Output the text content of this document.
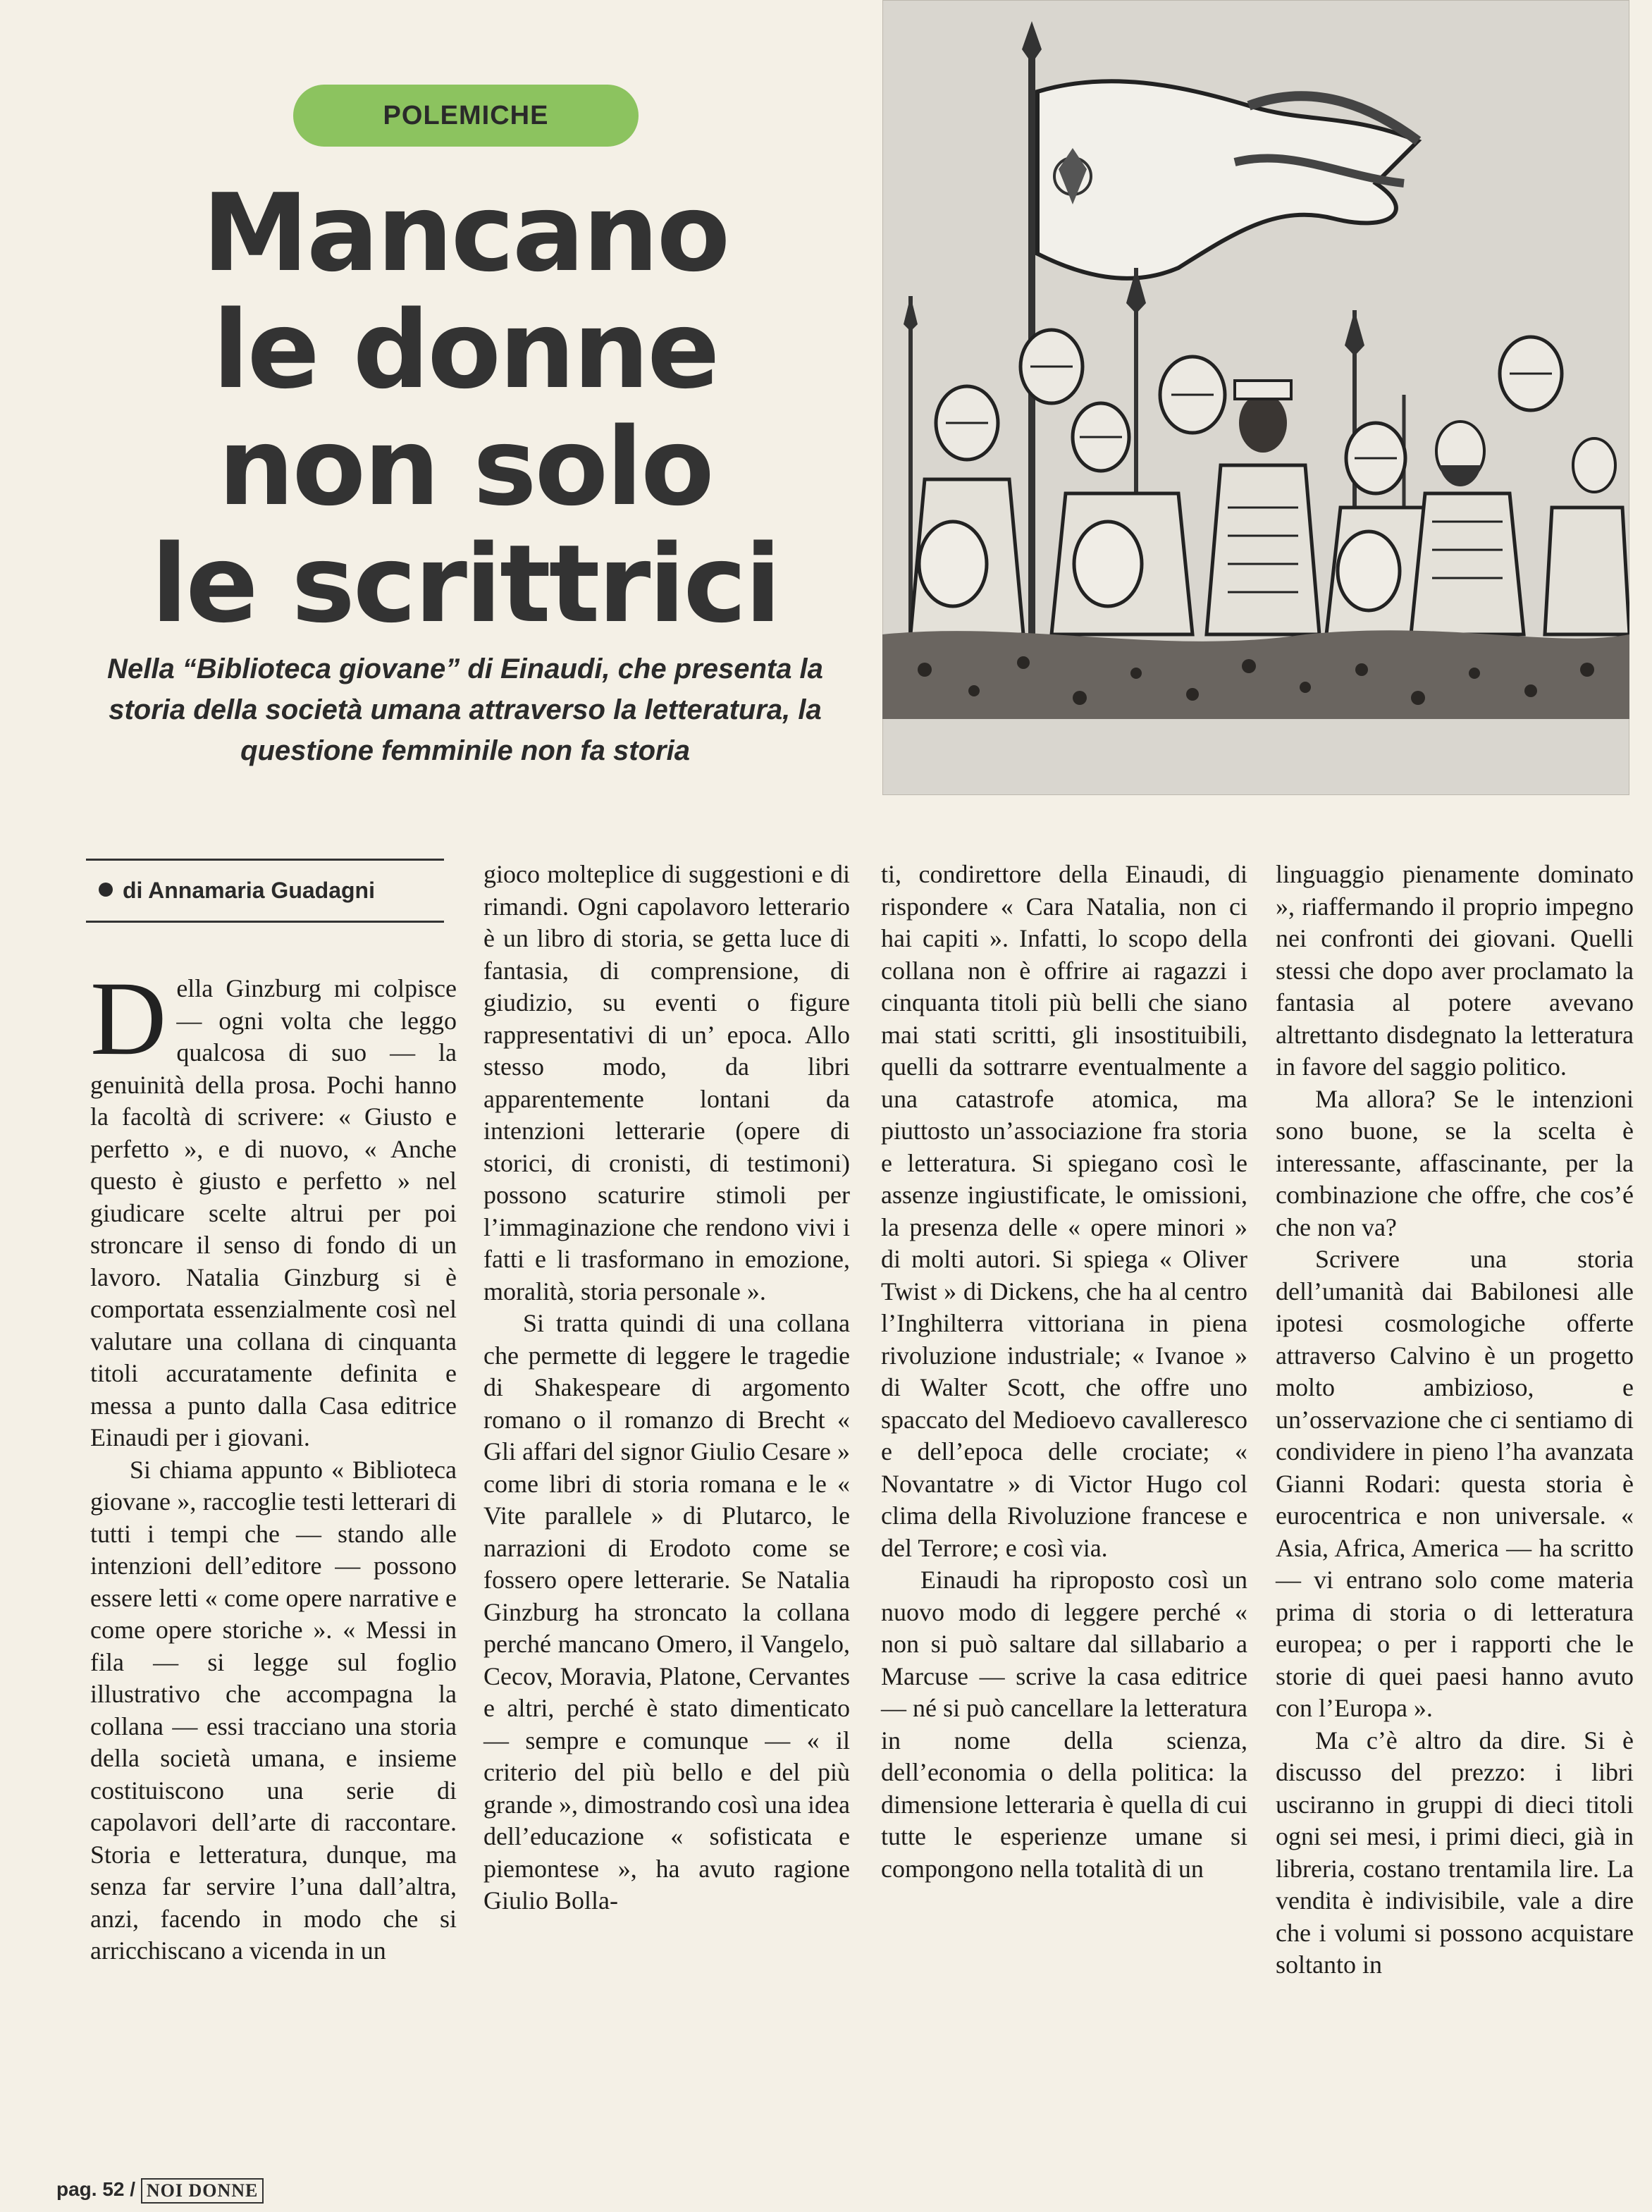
POLEMICHE
Mancano
le donne
non solo
le scrittrici
Nella “Biblioteca giovane” di Einaudi, che presenta la storia della società umana attraverso la letteratura, la questione femminile non fa storia
di Annamaria Guadagni

Della Ginzburg mi colpisce — ogni volta che leggo qualcosa di suo — la genuinità della prosa. Pochi hanno la facoltà di scrivere: « Giusto e perfetto », e di nuovo, « Anche questo è giusto e perfetto » nel giudicare scelte altrui per poi stroncare il senso di fondo di un lavoro. Natalia Ginzburg si è comportata essenzialmente così nel valutare una collana di cinquanta titoli accuratamente definita e messa a punto dalla Casa editrice Einaudi per i giovani.

Si chiama appunto « Biblioteca giovane », raccoglie testi letterari di tutti i tempi che — stando alle intenzioni dell’editore — possono essere letti « come opere narrative e come opere storiche ». « Messi in fila — si legge sul foglio illustrativo che accompagna la collana — essi tracciano una storia della società umana, e insieme costituiscono una serie di capolavori dell’arte di raccontare. Storia e letteratura, dunque, ma senza far servire l’una dall’altra, anzi, facendo in modo che si arricchiscano a vicenda in un

gioco molteplice di suggestioni e di rimandi. Ogni capolavoro letterario è un libro di storia, se getta luce di fantasia, di comprensione, di giudizio, su eventi o figure rappresentativi di un’ epoca. Allo stesso modo, da libri apparentemente lontani da intenzioni letterarie (opere di storici, di cronisti, di testimoni) possono scaturire stimoli per l’immaginazione che rendono vivi i fatti e li trasformano in emozione, moralità, storia personale ».

Si tratta quindi di una collana che permette di leggere le tragedie di Shakespeare di argomento romano o il romanzo di Brecht « Gli affari del signor Giulio Cesare » come libri di storia romana e le « Vite parallele » di Plutarco, le narrazioni di Erodoto come se fossero opere letterarie. Se Natalia Ginzburg ha stroncato la collana perché mancano Omero, il Vangelo, Cecov, Moravia, Platone, Cervantes e altri, perché è stato dimenticato — sempre e comunque — « il criterio del più bello e del più grande », dimostrando così una idea dell’educazione « sofisticata e piemontese », ha avuto ragione Giulio Bolla-

ti, condirettore della Einaudi, di rispondere « Cara Natalia, non ci hai capiti ». Infatti, lo scopo della collana non è offrire ai ragazzi i cinquanta titoli più belli che siano mai stati scritti, gli insostituibili, quelli da sottrarre eventualmente a una catastrofe atomica, ma piuttosto un’associazione fra storia e letteratura. Si spiegano così le assenze ingiustificate, le omissioni, la presenza delle « opere minori » di molti autori. Si spiega « Oliver Twist » di Dickens, che ha al centro l’Inghilterra vittoriana in piena rivoluzione industriale; « Ivanoe » di Walter Scott, che offre uno spaccato del Medioevo cavalleresco e dell’epoca delle crociate; « Novantatre » di Victor Hugo col clima della Rivoluzione francese e del Terrore; e così via.

Einaudi ha riproposto così un nuovo modo di leggere perché « non si può saltare dal sillabario a Marcuse — scrive la casa editrice — né si può cancellare la letteratura in nome della scienza, dell’economia o della politica: la dimensione letteraria è quella di cui tutte le esperienze umane si compongono nella totalità di un

linguaggio pienamente dominato », riaffermando il proprio impegno nei confronti dei giovani. Quelli stessi che dopo aver proclamato la fantasia al potere avevano altrettanto disdegnato la letteratura in favore del saggio politico.

Ma allora? Se le intenzioni sono buone, se la scelta è interessante, affascinante, per la combinazione che offre, che cos’é che non va?

Scrivere una storia dell’umanità dai Babilonesi alle ipotesi cosmologiche offerte attraverso Calvino è un progetto molto ambizioso, e un’osservazione che ci sentiamo di condividere in pieno l’ha avanzata Gianni Rodari: questa storia è eurocentrica e non universale. « Asia, Africa, America — ha scritto — vi entrano solo come materia prima di storia o di letteratura europea; o per i rapporti che le storie di quei paesi hanno avuto con l’Europa ».

Ma c’è altro da dire. Si è discusso del prezzo: i libri usciranno in gruppi di dieci titoli ogni sei mesi, i primi dieci, già in libreria, costano trentamila lire. La vendita è indivisibile, vale a dire che i volumi si possono acquistare soltanto in

pag. 52 / NOI DONNE
